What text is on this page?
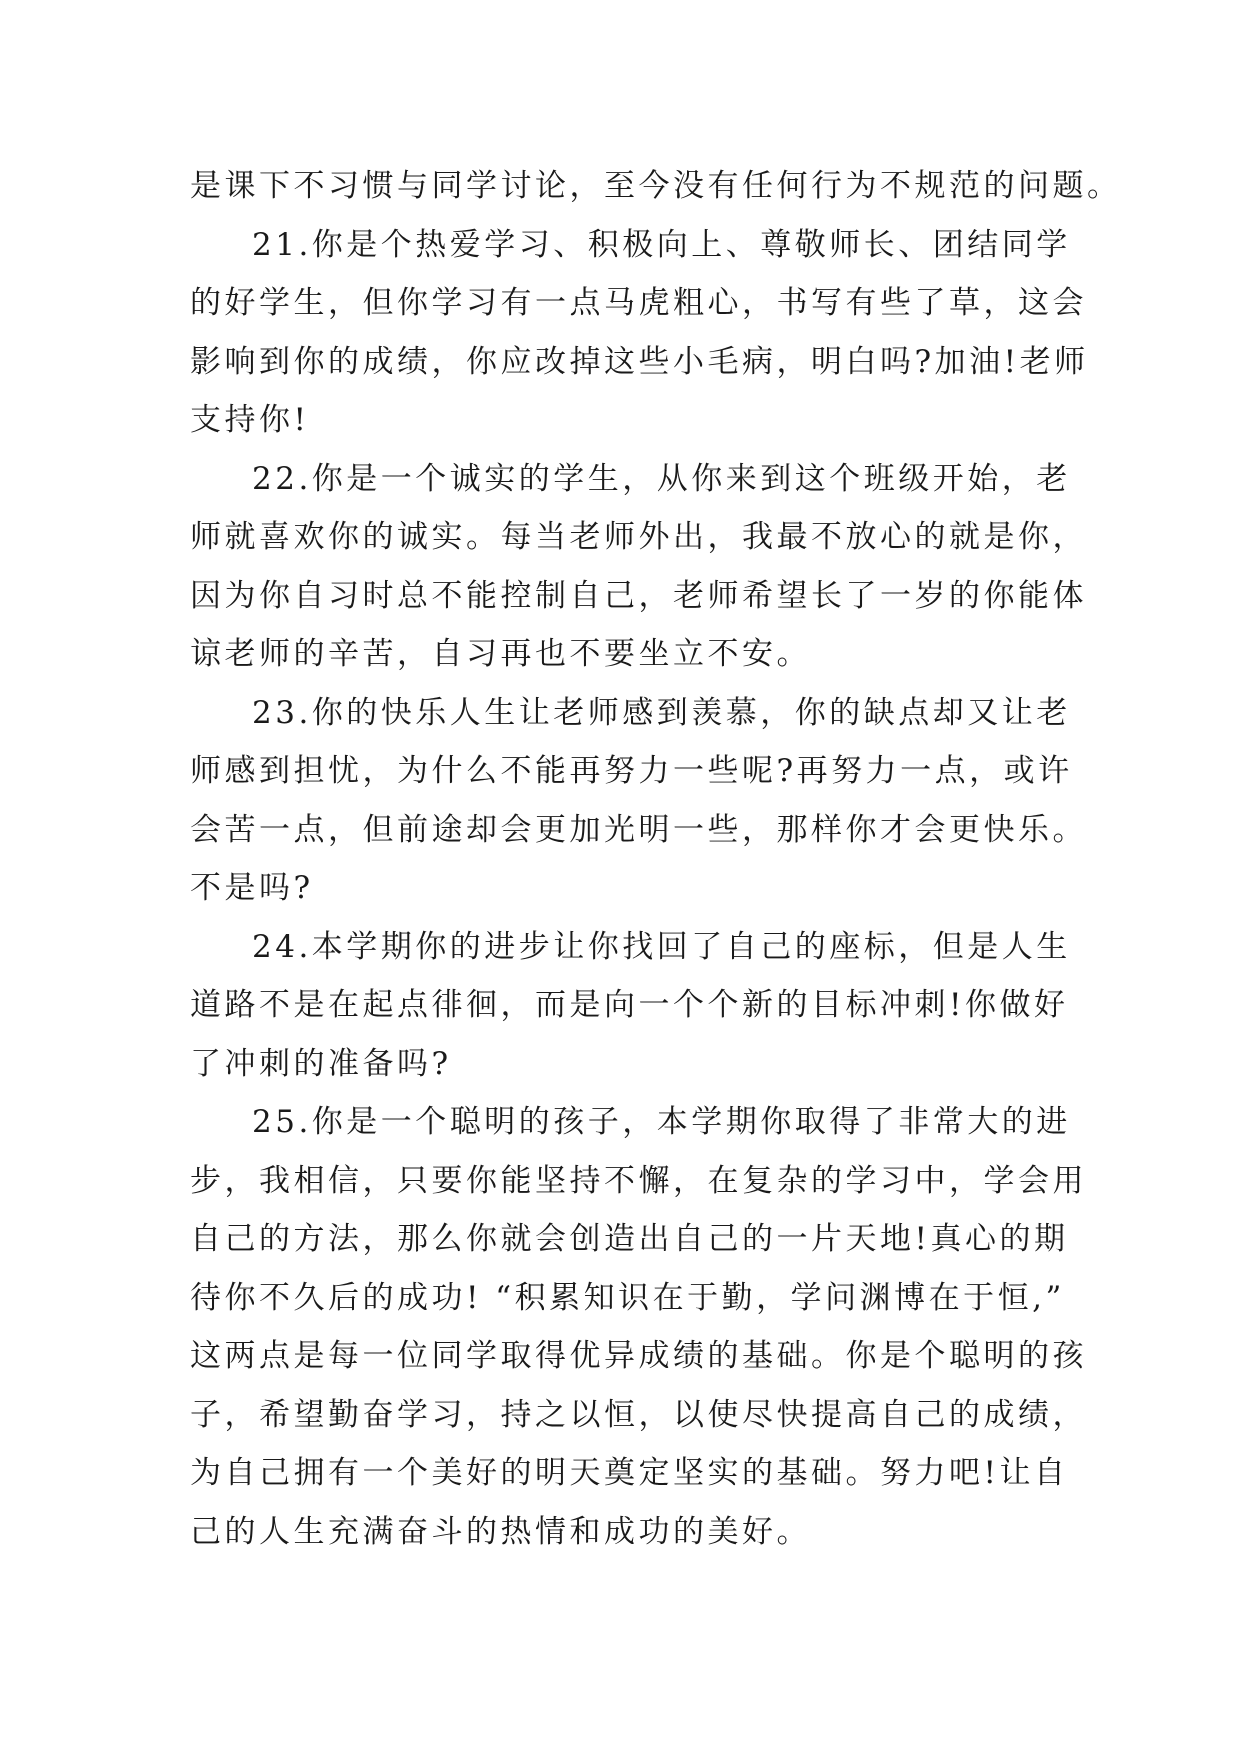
是课下不习惯与同学讨论，至今没有任何行为不规范的问题。
21.你是个热爱学习、积极向上、尊敬师长、团结同学
的好学生，但你学习有一点马虎粗心，书写有些了草，这会
影响到你的成绩，你应改掉这些小毛病，明白吗?加油!老师
支持你!
22.你是一个诚实的学生，从你来到这个班级开始，老
师就喜欢你的诚实。每当老师外出，我最不放心的就是你，
因为你自习时总不能控制自己，老师希望长了一岁的你能体
谅老师的辛苦，自习再也不要坐立不安。
23.你的快乐人生让老师感到羡慕，你的缺点却又让老
师感到担忧，为什么不能再努力一些呢?再努力一点，或许
会苦一点，但前途却会更加光明一些，那样你才会更快乐。
不是吗?
24.本学期你的进步让你找回了自己的座标，但是人生
道路不是在起点徘徊，而是向一个个新的目标冲刺!你做好
了冲刺的准备吗?
25.你是一个聪明的孩子，本学期你取得了非常大的进
步，我相信，只要你能坚持不懈，在复杂的学习中，学会用
自己的方法，那么你就会创造出自己的一片天地!真心的期
待你不久后的成功! “积累知识在于勤，学问渊博在于恒,”
这两点是每一位同学取得优异成绩的基础。你是个聪明的孩
子，希望勤奋学习，持之以恒，以使尽快提高自己的成绩，
为自己拥有一个美好的明天奠定坚实的基础。努力吧!让自
己的人生充满奋斗的热情和成功的美好。
